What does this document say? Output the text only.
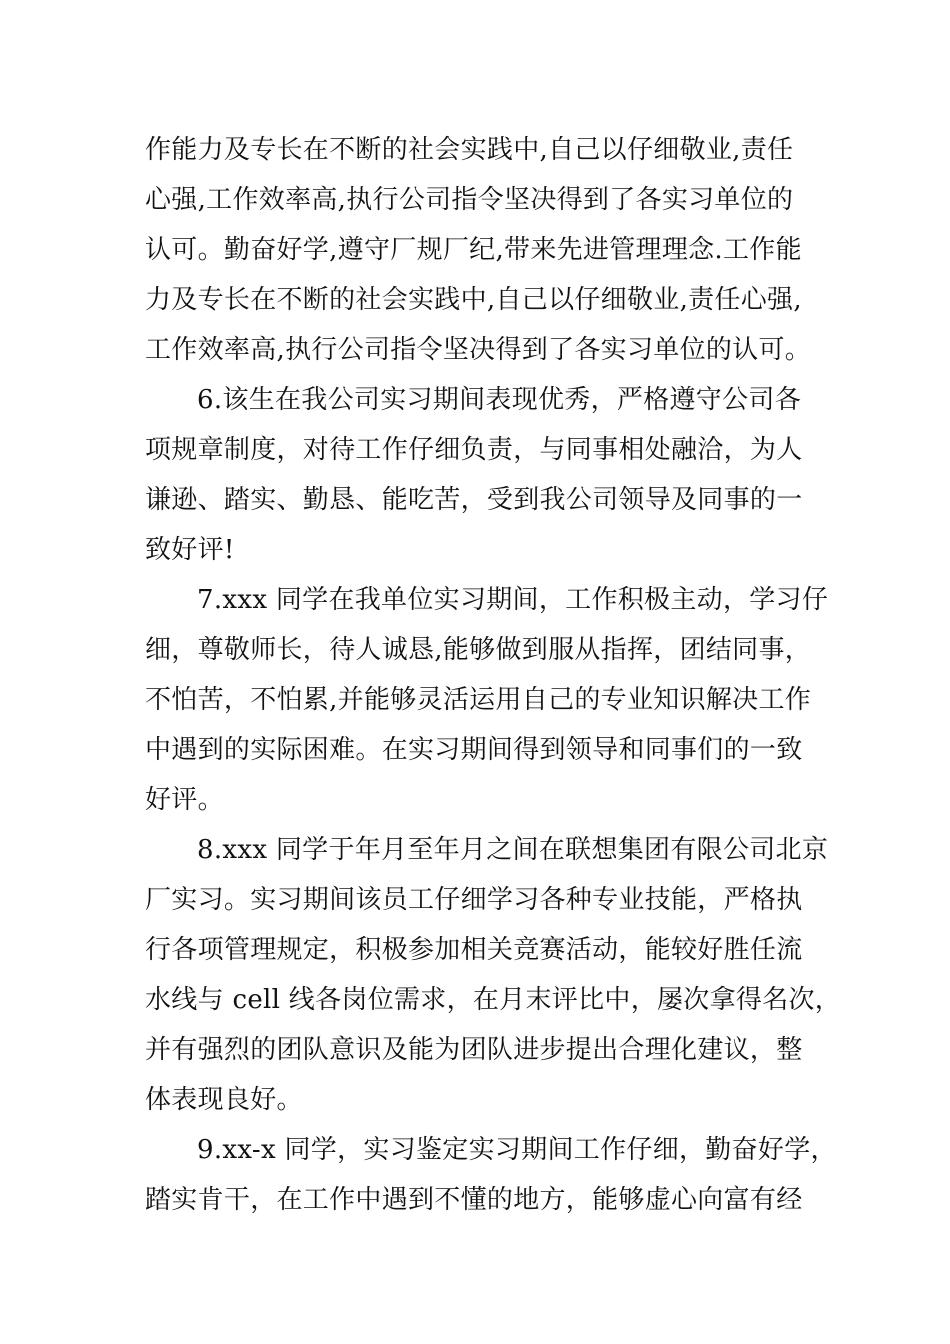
作能力及专长在不断的社会实践中,自己以仔细敬业,责任
心强,工作效率高,执行公司指令坚决得到了各实习单位的
认可。勤奋好学,遵守厂规厂纪,带来先进管理理念.工作能
力及专长在不断的社会实践中,自己以仔细敬业,责任心强,
工作效率高,执行公司指令坚决得到了各实习单位的认可。
6.该生在我公司实习期间表现优秀，严格遵守公司各
项规章制度，对待工作仔细负责，与同事相处融洽，为人
谦逊、踏实、勤恳、能吃苦，受到我公司领导及同事的一
致好评!
7.xxx 同学在我单位实习期间，工作积极主动，学习仔
细，尊敬师长，待人诚恳,能够做到服从指挥，团结同事，
不怕苦，不怕累,并能够灵活运用自己的专业知识解决工作
中遇到的实际困难。在实习期间得到领导和同事们的一致
好评。
8.xxx 同学于年月至年月之间在联想集团有限公司北京
厂实习。实习期间该员工仔细学习各种专业技能，严格执
行各项管理规定，积极参加相关竞赛活动，能较好胜任流
水线与 cell 线各岗位需求，在月末评比中，屡次拿得名次，
并有强烈的团队意识及能为团队进步提出合理化建议，整
体表现良好。
9.xx-x 同学，实习鉴定实习期间工作仔细，勤奋好学，
踏实肯干，在工作中遇到不懂的地方，能够虚心向富有经
